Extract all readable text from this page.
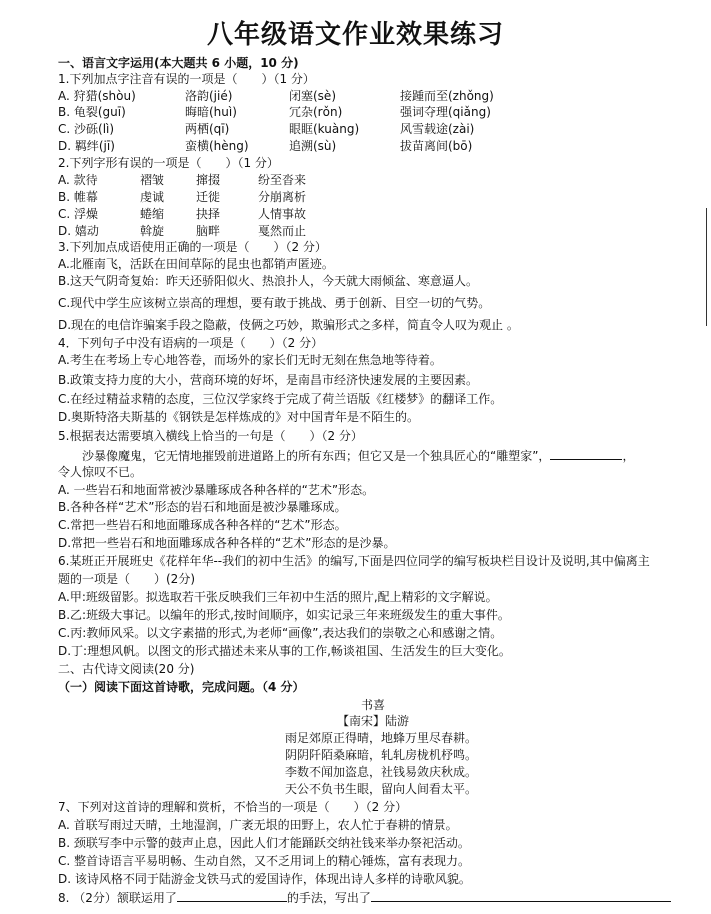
八年级语文作业效果练习
一、语言文字运用(本大题共 6 小题，10 分)
1.下列加点字注音有误的一项是（　　）（1 分）
A. 狩猎(shòu)	洛韵(jié)	闭塞(sè)	接踵而至(zhǒng)
B. 龟裂(guī)	晦暗(huì)	冗杂(rǒn)	强词夺理(qiǎng)
C. 沙砾(lì)	两栖(qī)	眼眶(kuàng)	风雪载途(zài)
D. 羁绊(jī)	蛮横(hèng)	追溯(sù)	拔苗离间(bō)
2.下列字形有误的一项是（　　）（1 分）
A. 款待	褶皱	撺掇	纷至沓来
B. 帷幕	虔诚	迁徙	分崩离析
C. 浮燥	蜷缩	抉择	人情事故
D. 嬉动	斡旋	脑畔	戛然而止
3.下列加点成语使用正确的一项是（　　）（2 分）
A.北雁南飞，活跃在田间草际的昆虫也都销声匿迹。
B.这天气阴奇复始：昨天还骄阳似火、热浪扑人，今天就大雨倾盆、寒意逼人。
C.现代中学生应该树立崇高的理想，要有敢于挑战、勇于创新、目空一切的气势。
D.现在的电信诈骗案手段之隐蔽，伎俩之巧妙，欺骗形式之多样，简直令人叹为观止 。
4．下列句子中没有语病的一项是（　　）（2 分）
A.考生在考场上专心地答卷，而场外的家长们无时无刻在焦急地等待着。
B.政策支持力度的大小，营商环境的好坏，是南昌市经济快速发展的主要因素。
C.在经过精益求精的态度，三位汉学家终于完成了荷兰语版《红楼梦》的翻译工作。
D.奥斯特洛夫斯基的《钢铁是怎样炼成的》对中国青年是不陌生的。
5.根据表达需要填入横线上恰当的一句是（　　）（2 分）
　　沙暴像魔鬼，它无情地摧毁前进道路上的所有东西；但它又是一个独具匠心的“雕塑家”，	，
令人惊叹不已。
A. 一些岩石和地面常被沙暴雕琢成各种各样的“艺术”形态。
B.各种各样“艺术”形态的岩石和地面是被沙暴雕琢成。
C.常把一些岩石和地面雕琢成各种各样的“艺术”形态。
D.常把一些岩石和地面雕琢成各种各样的“艺术”形态的是沙暴。
6.某班正开展班史《花样年华--我们的初中生活》的编写,下面是四位同学的编写板块栏目设计及说明,其中偏离主
题的一项是（　　）(2分)
A.甲:班级留影。拟选取若干张反映我们三年初中生活的照片,配上精彩的文字解说。
B.乙:班级大事记。以编年的形式,按时间顺序，如实记录三年来班级发生的重大事件。
C.丙:教师风采。以文字素描的形式,为老师“画像”,表达我们的崇敬之心和感谢之情。
D.丁:理想风帆。以图文的形式描述未来从事的工作,畅谈祖国、生活发生的巨大变化。
二、古代诗文阅读(20 分)
（一）阅读下面这首诗歌，完成问题。（4 分）
书喜
【南宋】陆游
雨足郊原正得晴，地蜂万里尽春耕。
阴阴阡陌桑麻暗，轧轧房栊机杼鸣。
李数不闻加盗息，社钱易敛庆秋成。
天公不负书生眼，留向人间看太平。
7、下列对这首诗的理解和赏析，不恰当的一项是（　　）（2 分）
A. 首联写雨过天晴，土地湿润，广袤无垠的田野上，农人忙于春耕的情景。
B. 颈联写李中示警的鼓声止息，因此人们才能踊跃交纳社钱来举办祭祀活动。
C. 整首诗语言平易明畅、生动自然，又不乏用词上的精心锤炼，富有表现力。
D. 该诗风格不同于陆游金戈铁马式的爱国诗作，体现出诗人多样的诗歌风貌。
8. （2分）颔联运用了	的手法，写出了
